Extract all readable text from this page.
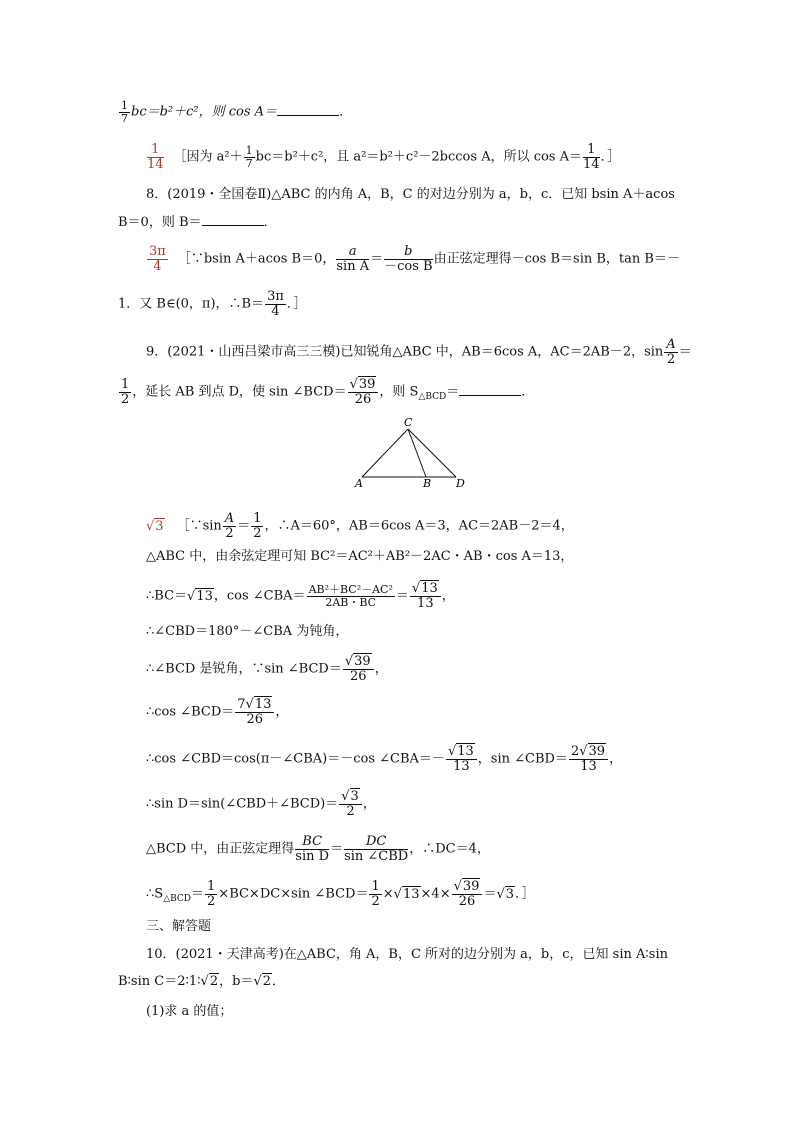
$\frac{1}{7} bc=b^2+c^2$，则 cos A＝	．
$\frac{1}{14}$ ［因为 $a^2+ \frac{1}{7} bc=b^2+c^2$，且 a²＝b²＋c²－2bccos A，所以 $\cos A= \frac{1}{14}$ ．］
8．(2019・全国卷Ⅱ)△ABC 的内角 A，B，C 的对边分别为 a，b，c．已知 bsin A＋acos
B＝0，则 B＝	．
$\frac{3\pi}{4}$ ［∵bsin A＋acos B＝0， $\frac{a}{\text{sin A}} = \frac{b}{\text{－cos B}}$ 由正弦定理得－cos B＝sin B，tan B＝－
1．又 B∈(0，π)，∴B＝ $\frac{3\pi}{4}$ ．］
9．(2021・山西吕梁市高三三模)已知锐角△ABC 中，AB＝6cos A，AC＝2AB－2，$\sin \frac{A}{2}$ ＝
$\frac{1}{2}$ ，延长 AB 到点 D，使 sin ∠BCD＝ $\frac{√39}{26}$ ，则 $S_{\triangle BCD}=$	．
C
A	B D
√3 ［∵sin $\frac{A}{2} = \frac{1}{2}$ ，∴A＝60°，AB＝6cos A＝3，AC＝2AB－2＝4，
△ABC 中，由余弦定理可知 BC²＝AC²＋AB²－2AC・AB・cos A＝13，
∴BC＝√13，cos ∠CBA＝ $\frac{\text{AB²＋BC²－AC²}}{2AB・BC} = \frac{√13}{13}$ ，
∴∠CBD＝180°－∠CBA 为钝角，
∴∠BCD 是锐角，∵sin ∠BCD＝ $\frac{√39}{26}$ ，
∴cos ∠BCD＝ $\frac{7√13}{26}$ ，
∴cos ∠CBD＝cos(π－∠CBA)＝－cos ∠CBA＝－ $\frac{√13}{13}$ ，sin ∠CBD＝ $\frac{2√39}{13}$ ，
∴sin D＝sin(∠CBD＋∠BCD)＝ $\frac{√3}{2}$ ，
△BCD 中，由正弦定理得 $\frac{BC}{\text{sin D}} = \frac{DC}{\text{sin ∠CBD}}$ ，∴DC＝4，
$\therefore S_{\triangle BCD}= \frac{1}{2} \times BC\times DC\times\sin$ ∠BCD＝ $\frac{1}{2} \times√13\times 4\times \frac{√39}{26} =√3$．］
三、解答题
10．(2021・天津高考)在△ABC，角 A，B，C 所对的边分别为 a，b，c，已知 sin A∶sin
B∶sin C＝2∶1∶√2，b＝√2．
(1)求 a 的值；
